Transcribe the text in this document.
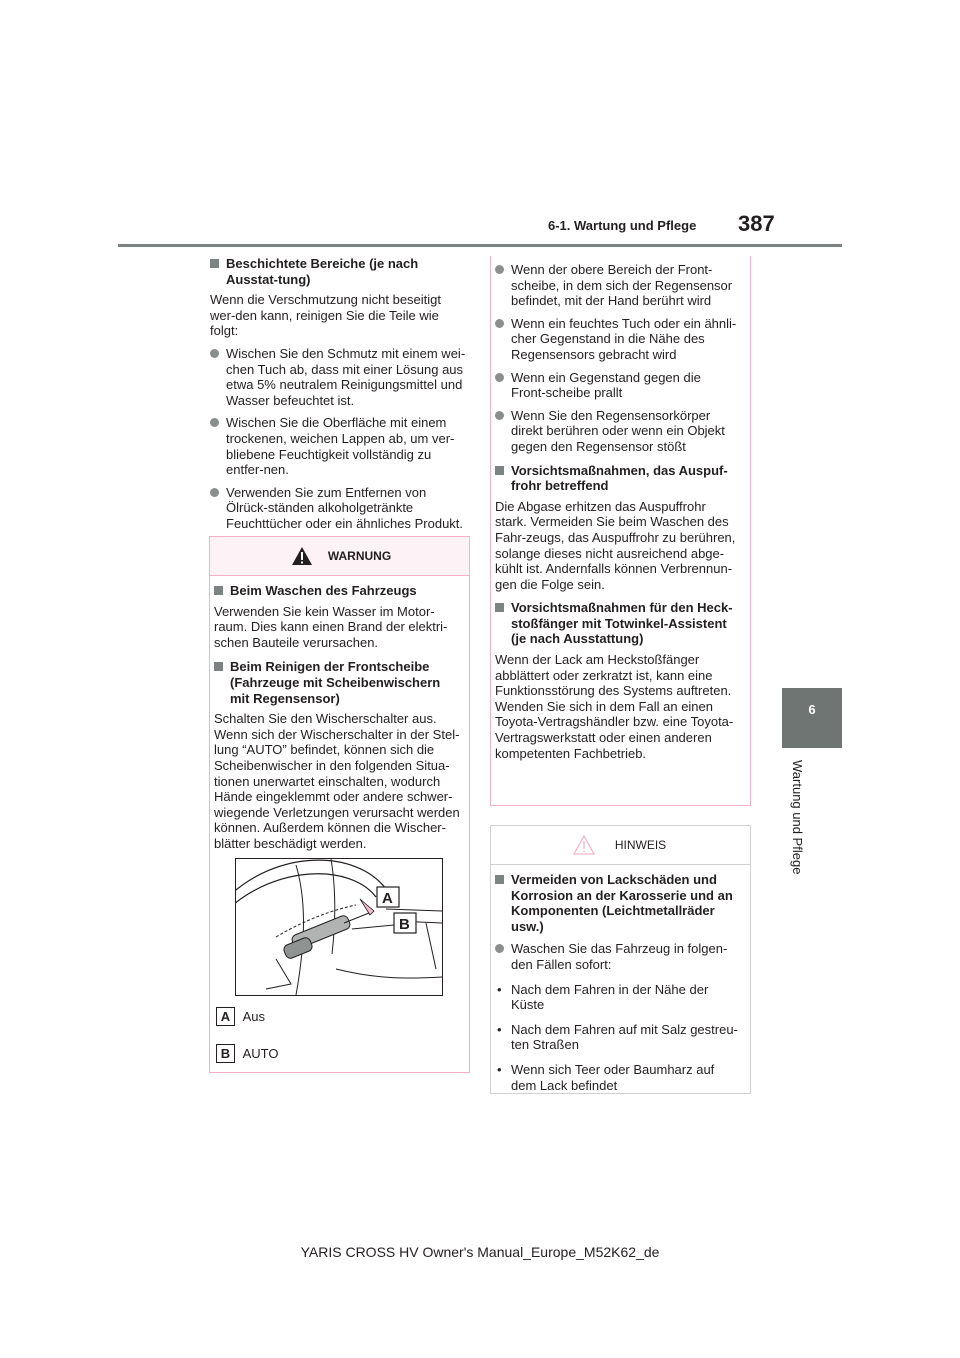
6-1. Wartung und Pflege 387
6
Wartung und Pflege
Beschichtete Bereiche (je nach Ausstat-tung)

Wenn die Verschmutzung nicht beseitigt wer-den kann, reinigen Sie die Teile wie folgt:

Wischen Sie den Schmutz mit einem wei-chen Tuch ab, dass mit einer Lösung aus etwa 5% neutralem Reinigungsmittel und Wasser befeuchtet ist.
Wischen Sie die Oberfläche mit einem trockenen, weichen Lappen ab, um ver-bliebene Feuchtigkeit vollständig zu entfer-nen.
Verwenden Sie zum Entfernen von Ölrück-ständen alkoholgetränkte Feuchttücher oder ein ähnliches Produkt.
WARNUNG
Beim Waschen des Fahrzeugs

Verwenden Sie kein Wasser im Motor-raum. Dies kann einen Brand der elektri-schen Bauteile verursachen.

Beim Reinigen der Frontscheibe (Fahrzeuge mit Scheibenwischern mit Regensensor)

Schalten Sie den Wischerschalter aus. Wenn sich der Wischerschalter in der Stel-lung “AUTO” befindet, können sich die Scheibenwischer in den folgenden Situa-tionen unerwartet einschalten, wodurch Hände eingeklemmt oder andere schwer-wiegende Verletzungen verursacht werden können. Außerdem können die Wischer-blätter beschädigt werden.

A
B
A Aus
B AUTO
Wenn der obere Bereich der Front-scheibe, in dem sich der Regensensor befindet, mit der Hand berührt wird
Wenn ein feuchtes Tuch oder ein ähnli-cher Gegenstand in die Nähe des Regensensors gebracht wird
Wenn ein Gegenstand gegen die Front-scheibe prallt
Wenn Sie den Regensensorkörper direkt berühren oder wenn ein Objekt gegen den Regensensor stößt
Vorsichtsmaßnahmen, das Auspuf-frohr betreffend

Die Abgase erhitzen das Auspuffrohr stark. Vermeiden Sie beim Waschen des Fahr-zeugs, das Auspuffrohr zu berühren, solange dieses nicht ausreichend abge-kühlt ist. Andernfalls können Verbrennun-gen die Folge sein.

Vorsichtsmaßnahmen für den Heck-stoßfänger mit Totwinkel-Assistent (je nach Ausstattung)

Wenn der Lack am Heckstoßfänger abblättert oder zerkratzt ist, kann eine Funktionsstörung des Systems auftreten. Wenden Sie sich in dem Fall an einen Toyota-Vertragshändler bzw. eine Toyota-Vertragswerkstatt oder einen anderen kompetenten Fachbetrieb.

HINWEIS
Vermeiden von Lackschäden und Korrosion an der Karosserie und an Komponenten (Leichtmetallräder usw.)
Waschen Sie das Fahrzeug in folgen-den Fällen sofort:
• Nach dem Fahren in der Nähe der Küste
• Nach dem Fahren auf mit Salz gestreu-ten Straßen
• Wenn sich Teer oder Baumharz auf dem Lack befindet
YARIS CROSS HV Owner's Manual_Europe_M52K62_de
